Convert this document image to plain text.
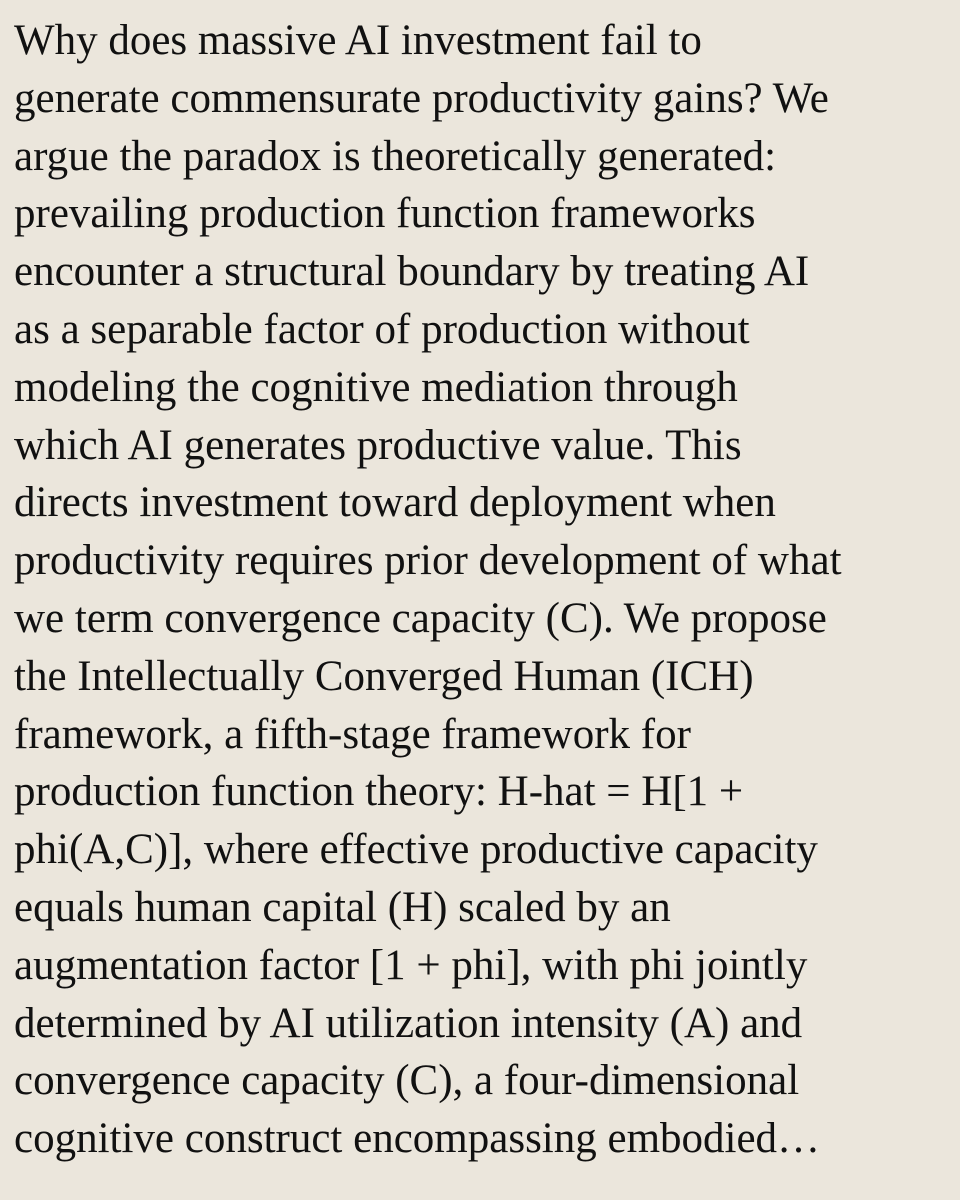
Why does massive AI investment fail to
generate commensurate productivity gains? We
argue the paradox is theoretically generated:
prevailing production function frameworks
encounter a structural boundary by treating AI
as a separable factor of production without
modeling the cognitive mediation through
which AI generates productive value. This
directs investment toward deployment when
productivity requires prior development of what
we term convergence capacity (C). We propose
the Intellectually Converged Human (ICH)
framework, a fifth-stage framework for
production function theory: H-hat = H[1 +
phi(A,C)], where effective productive capacity
equals human capital (H) scaled by an
augmentation factor [1 + phi], with phi jointly
determined by AI utilization intensity (A) and
convergence capacity (C), a four-dimensional
cognitive construct encompassing embodied…
